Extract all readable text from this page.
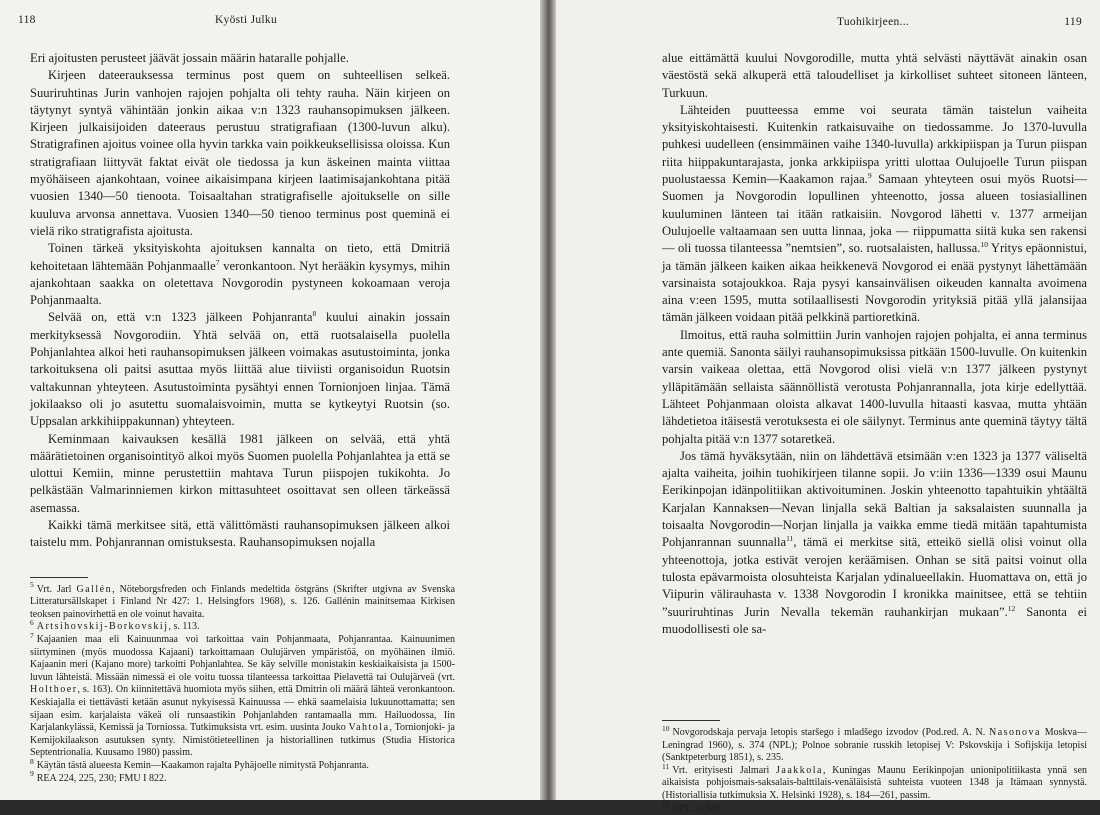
118	Kyösti Julku

Eri ajoitusten perusteet jäävät jossain määrin hataralle pohjalle.

Kirjeen dateerauksessa terminus post quem on suhteellisen selkeä. Suuriruhtinas Jurin vanhojen rajojen pohjalta oli tehty rauha. Näin kirjeen on täytynyt syntyä vähintään jonkin aikaa v:n 1323 rauhansopimuksen jälkeen. Kirjeen julkaisijoiden dateeraus perustuu stratigrafiaan (1300-luvun alku). Stratigrafinen ajoitus voinee olla hyvin tarkka vain poikkeuksellisissa oloissa. Kun stratigrafiaan liittyvät faktat eivät ole tiedossa ja kun äskeinen mainta viittaa myöhäiseen ajankohtaan, voinee aikaisimpana kirjeen laatimisajankohtana pitää vuosien 1340—50 tienoota. Toisaaltahan stratigrafiselle ajoitukselle on sille kuuluva arvonsa annettava. Vuosien 1340—50 tienoo terminus post queminä ei vielä riko stratigrafista ajoitusta.

Toinen tärkeä yksityiskohta ajoituksen kannalta on tieto, että Dmitriä kehoitetaan lähtemään Pohjanmaalle$^7$ veronkantoon. Nyt herääkin kysymys, mihin ajankohtaan saakka on oletettava Novgorodin pystyneen kokoamaan veroja Pohjanmaalta.

Selvää on, että v:n 1323 jälkeen Pohjanranta$^8$ kuului ainakin jossain merkityksessä Novgorodiin. Yhtä selvää on, että ruotsalaisella puolella Pohjanlahtea alkoi heti rauhansopimuksen jälkeen voimakas asutustoiminta, jonka tarkoituksena oli paitsi asuttaa myös liittää alue tiiviisti organisoidun Ruotsin valtakunnan yhteyteen. Asutustoiminta pysähtyi ennen Tornionjoen linjaa. Tämä jokilaakso oli jo asutettu suomalaisvoimin, mutta se kytkeytyi Ruotsin (so. Uppsalan arkkihiippakunnan) yhteyteen.

Keminmaan kaivauksen kesällä 1981 jälkeen on selvää, että yhtä määrätietoinen organisointityö alkoi myös Suomen puolella Pohjanlahtea ja että se ulottui Kemiin, minne perustettiin mahtava Turun piispojen tukikohta. Jo pelkästään Valmarinniemen kirkon mittasuhteet osoittavat sen olleen tärkeässä asemassa.

Kaikki tämä merkitsee sitä, että välittömästi rauhansopimuksen jälkeen alkoi taistelu mm. Pohjanrannan omistuksesta. Rauhansopimuksen nojalla

$^5$ Vrt. Jarl Gallén, Nöteborgsfreden och Finlands medeltida östgräns (Skrifter utgivna av Svenska Litteratursällskapet i Finland Nr 427: 1. Helsingfors 1968), s. 126. Gallénin mainitsemaa Kirkisen teoksen painovirhettä en ole voinut havaita.

$^6$ Artsihovskij-Borkovskij, s. 113.

$^7$ Kajaanien maa eli Kainuunmaa voi tarkoittaa vain Pohjanmaata, Pohjanrantaa. Kainuunimen siirtyminen (myös muodossa Kajaani) tarkoittamaan Oulujärven ympäristöä, on myöhäinen ilmiö. Kajaanin meri (Kajano more) tarkoitti Pohjanlahtea. Se käy selville monistakin keskiaikaisista ja 1500-luvun lähteistä. Missään nimessä ei ole voitu tuossa tilanteessa tarkoittaa Pielavettä tai Oulujärveä (vrt. Holthoer, s. 163). On kiinnitettävä huomiota myös siihen, että Dmitrin oli määrä lähteä veronkantoon. Keskiajalla ei tiettävästi ketään asunut nykyisessä Kainuussa — ehkä saamelaisia lukuunottamatta; sen sijaan esim. karjalaista väkeä oli runsaastikin Pohjanlahden rantamaalla mm. Hailuodossa, Iin Karjalankylässä, Kemissä ja Torniossa. Tutkimuksista vrt. esim. uusinta Jouko Vahtola, Tornionjoki- ja Kemijokilaakson asutuksen synty. Nimistötieteellinen ja historiallinen tutkimus (Studia Historica Septentrionalia. Kuusamo 1980) passim.

$^8$ Käytän tästä alueesta Kemin—Kaakamon rajalta Pyhäjoelle nimitystä Pohjanranta.

$^9$ REA 224, 225, 230; FMU I 822.

Tuohikirjeen...	119

alue eittämättä kuului Novgorodille, mutta yhtä selvästi näyttävät ainakin osan väestöstä sekä alkuperä että taloudelliset ja kirkolliset suhteet sitoneen länteen, Turkuun.

Lähteiden puutteessa emme voi seurata tämän taistelun vaiheita yksityiskohtaisesti. Kuitenkin ratkaisuvaihe on tiedossamme. Jo 1370-luvulla puhkesi uudelleen (ensimmäinen vaihe 1340-luvulla) arkkipiispan ja Turun piispan riita hiippakuntarajasta, jonka arkkipiispa yritti ulottaa Oulujoelle Turun piispan puolustaessa Kemin—Kaakamon rajaa.$^9$ Samaan yhteyteen osui myös Ruotsi—Suomen ja Novgorodin lopullinen yhteenotto, jossa alueen tosiasiallinen kuuluminen länteen tai itään ratkaisiin. Novgorod lähetti v. 1377 armeijan Oulujoelle valtaamaan sen uutta linnaa, joka — riippumatta siitä kuka sen rakensi — oli tuossa tilanteessa ”nemtsien”, so. ruotsalaisten, hallussa.$^{10}$ Yritys epäonnistui, ja tämän jälkeen kaiken aikaa heikkenevä Novgorod ei enää pystynyt lähettämään varsinaista sotajoukkoa. Raja pysyi kansainvälisen oikeuden kannalta avoimena aina v:een 1595, mutta sotilaallisesti Novgorodin yrityksiä pitää yllä jalansijaa tämän jälkeen voidaan pitää pelkkinä partioretkinä.

Ilmoitus, että rauha solmittiin Jurin vanhojen rajojen pohjalta, ei anna terminus ante quemiä. Sanonta säilyi rauhansopimuksissa pitkään 1500-luvulle. On kuitenkin varsin vaikeaa olettaa, että Novgorod olisi vielä v:n 1377 jälkeen pystynyt ylläpitämään sellaista säännöllistä verotusta Pohjanrannalla, jota kirje edellyttää. Lähteet Pohjanmaan oloista alkavat 1400-luvulla hitaasti kasvaa, mutta yhtään lähdetietoa itäisestä verotuksesta ei ole säilynyt. Terminus ante queminä täytyy tältä pohjalta pitää v:n 1377 sotaretkeä.

Jos tämä hyväksytään, niin on lähdettävä etsimään v:en 1323 ja 1377 väliseltä ajalta vaiheita, joihin tuohikirjeen tilanne sopii. Jo v:iin 1336—1339 osui Maunu Eerikinpojan idänpolitiikan aktivoituminen. Joskin yhteenotto tapahtuikin yhtäältä Karjalan Kannaksen—Nevan linjalla sekä Baltian ja saksalaisten suunnalla ja toisaalta Novgorodin—Norjan linjalla ja vaikka emme tiedä mitään tapahtumista Pohjanrannan suunnalla$^{11}$, tämä ei merkitse sitä, etteikö siellä olisi voinut olla yhteenottoja, jotka estivät verojen keräämisen. Onhan se sitä paitsi voinut olla tulosta epävarmoista olosuhteista Karjalan ydinalueellakin. Huomattava on, että jo Viipurin välirauhasta v. 1338 Novgorodin I kronikka mainitsee, että se tehtiin ”suuriruhtinas Jurin Nevalla tekemän rauhankirjan mukaan”.$^{12}$ Sanonta ei muodollisesti ole sa-

$^{10}$ Novgorodskaja pervaja letopis staršego i mladšego izvodov (Pod.red. A. N. Nasonova Moskva—Leningrad 1960), s. 374 (NPL); Polnoe sobranie russkih letopisej V: Pskovskija i Sofijskija letopisi (Sanktpeterburg 1851), s. 235.

$^{11}$ Vrt. erityisesti Jalmari Jaakkola, Kuningas Maunu Eerikinpojan unionipolitiikasta ynnä sen aikaisista pohjoismais-saksalais-balttilais-venäläisistä suhteista vuoteen 1348 ja Itämaan synnystä. (Historiallisia tutkimuksia X. Helsinki 1928), s. 184—261, passim.

$^{12}$ NPL, s. 349.
